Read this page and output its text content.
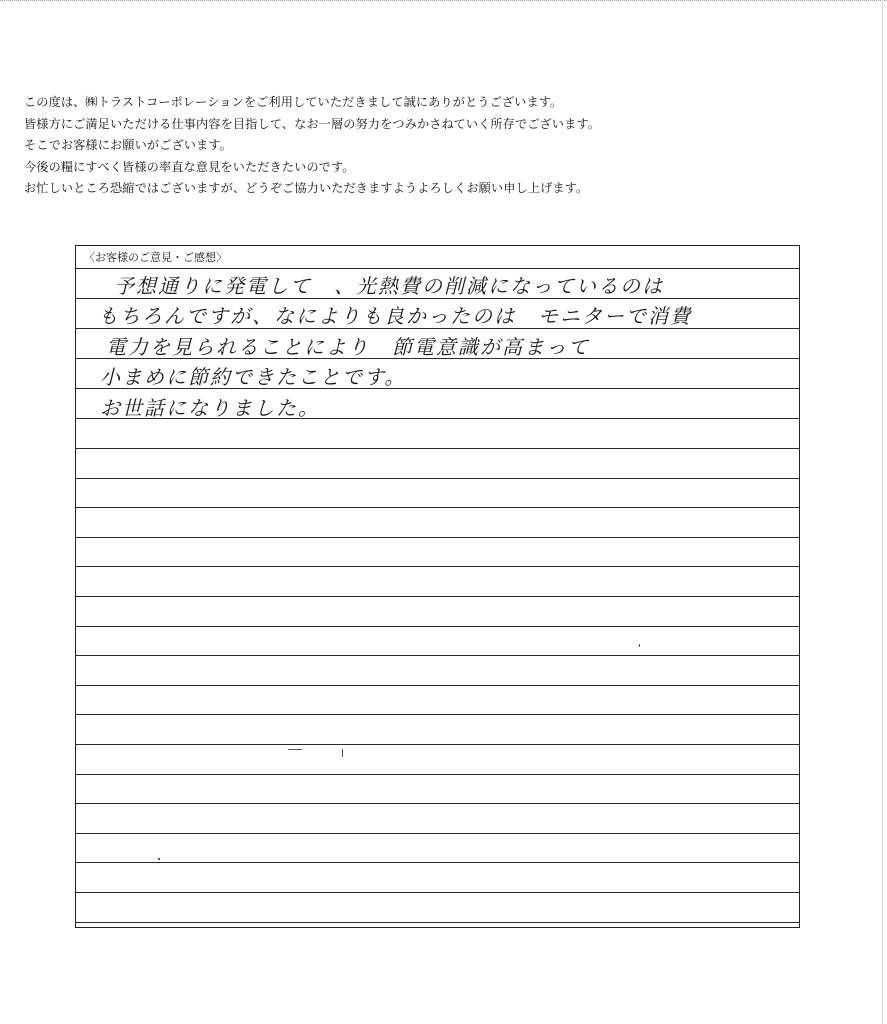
この度は、㈱トラストコーポレーションをご利用していただきまして誠にありがとうございます。
皆様方にご満足いただける仕事内容を目指して、なお一層の努力をつみかさねていく所存でございます。
そこでお客様にお願いがございます。
今後の糧にすべく皆様の率直な意見をいただきたいのです。
お忙しいところ恐縮ではございますが、どうぞご協力いただきますようよろしくお願い申し上げます。
〈お客様のご意見・ご感想〉
予想通りに発電して　、光熱費の削減になっているのは
もちろんですが、なによりも良かったのは　モニターで消費
電力を見られることにより　節電意識が高まって
小まめに節約できたことです。
お世話になりました。
